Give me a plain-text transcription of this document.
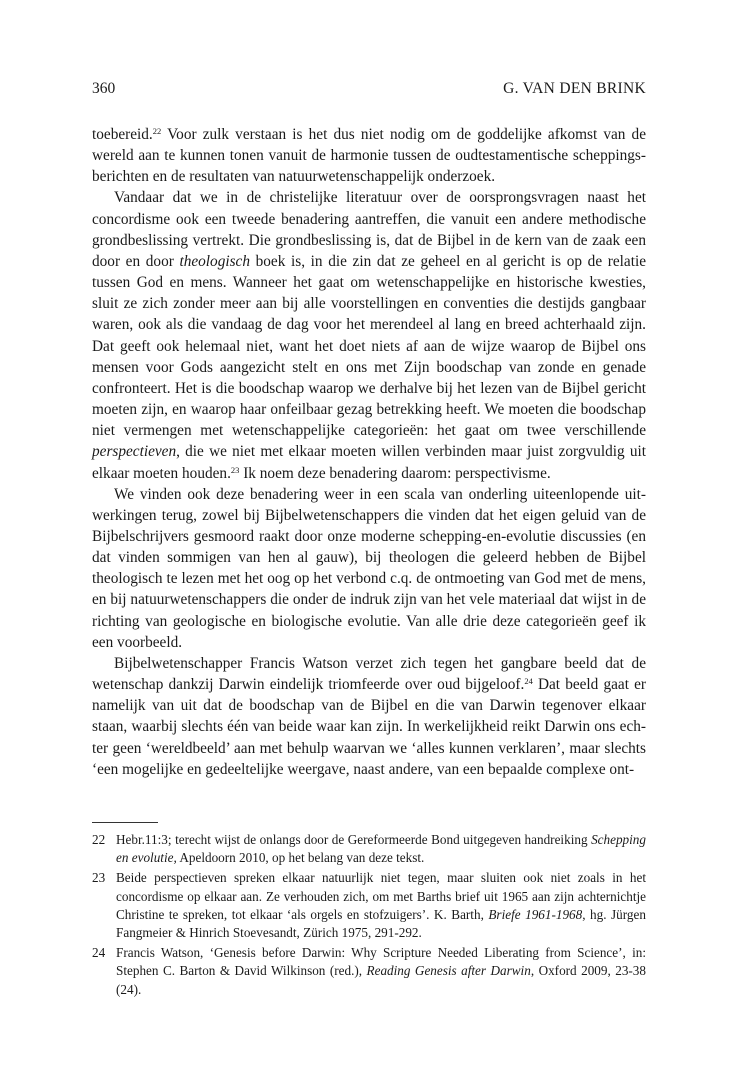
360	G. VAN DEN BRINK

toebereid.$^{22}$ Voor zulk verstaan is het dus niet nodig om de goddelijke afkomst van de wereld aan te kunnen tonen vanuit de harmonie tussen de oudtestamentische scheppingsberichten en de resultaten van natuurwetenschappelijk onderzoek.

Vandaar dat we in de christelijke literatuur over de oorsprongsvragen naast het concordisme ook een tweede benadering aantreffen, die vanuit een andere methodische grondbeslissing vertrekt. Die grondbeslissing is, dat de Bijbel in de kern van de zaak een door en door theologisch boek is, in die zin dat ze geheel en al gericht is op de relatie tussen God en mens. Wanneer het gaat om wetenschappelijke en historische kwesties, sluit ze zich zonder meer aan bij alle voorstellingen en conventies die destijds gangbaar waren, ook als die vandaag de dag voor het merendeel al lang en breed achterhaald zijn. Dat geeft ook helemaal niet, want het doet niets af aan de wijze waarop de Bijbel ons mensen voor Gods aangezicht stelt en ons met Zijn boodschap van zonde en genade confronteert. Het is die boodschap waarop we derhalve bij het lezen van de Bijbel gericht moeten zijn, en waarop haar onfeilbaar gezag betrekking heeft. We moeten die boodschap niet vermengen met wetenschappelijke categorieën: het gaat om twee verschillende perspectieven, die we niet met elkaar moeten willen verbinden maar juist zorgvuldig uit elkaar moeten houden.$^{23}$ Ik noem deze benadering daarom: perspectivisme.

We vinden ook deze benadering weer in een scala van onderling uiteenlopende uitwerkingen terug, zowel bij Bijbelwetenschappers die vinden dat het eigen geluid van de Bijbelschrijvers gesmoord raakt door onze moderne schepping-en-evolutie discussies (en dat vinden sommigen van hen al gauw), bij theologen die geleerd hebben de Bijbel theologisch te lezen met het oog op het verbond c.q. de ontmoeting van God met de mens, en bij natuurwetenschappers die onder de indruk zijn van het vele materiaal dat wijst in de richting van geologische en biologische evolutie. Van alle drie deze categorieën geef ik een voorbeeld.

Bijbelwetenschapper Francis Watson verzet zich tegen het gangbare beeld dat de wetenschap dankzij Darwin eindelijk triomfeerde over oud bijgeloof.$^{24}$ Dat beeld gaat er namelijk van uit dat de boodschap van de Bijbel en die van Darwin tegenover elkaar staan, waarbij slechts één van beide waar kan zijn. In werkelijkheid reikt Darwin ons echter geen ‘wereldbeeld’ aan met behulp waarvan we ‘alles kunnen verklaren’, maar slechts ‘een mogelijke en gedeeltelijke weergave, naast andere, van een bepaalde complexe ont-

22 Hebr.11:3; terecht wijst de onlangs door de Gereformeerde Bond uitgegeven handreiking Schepping en evolutie, Apeldoorn 2010, op het belang van deze tekst.
23 Beide perspectieven spreken elkaar natuurlijk niet tegen, maar sluiten ook niet zoals in het concordisme op elkaar aan. Ze verhouden zich, om met Barths brief uit 1965 aan zijn achternichtje Christine te spreken, tot elkaar ‘als orgels en stofzuigers’. K. Barth, Briefe 1961-1968, hg. Jürgen Fangmeier & Hinrich Stoevesandt, Zürich 1975, 291-292.
24 Francis Watson, ‘Genesis before Darwin: Why Scripture Needed Liberating from Science’, in: Stephen C. Barton & David Wilkinson (red.), Reading Genesis after Darwin, Oxford 2009, 23-38 (24).
